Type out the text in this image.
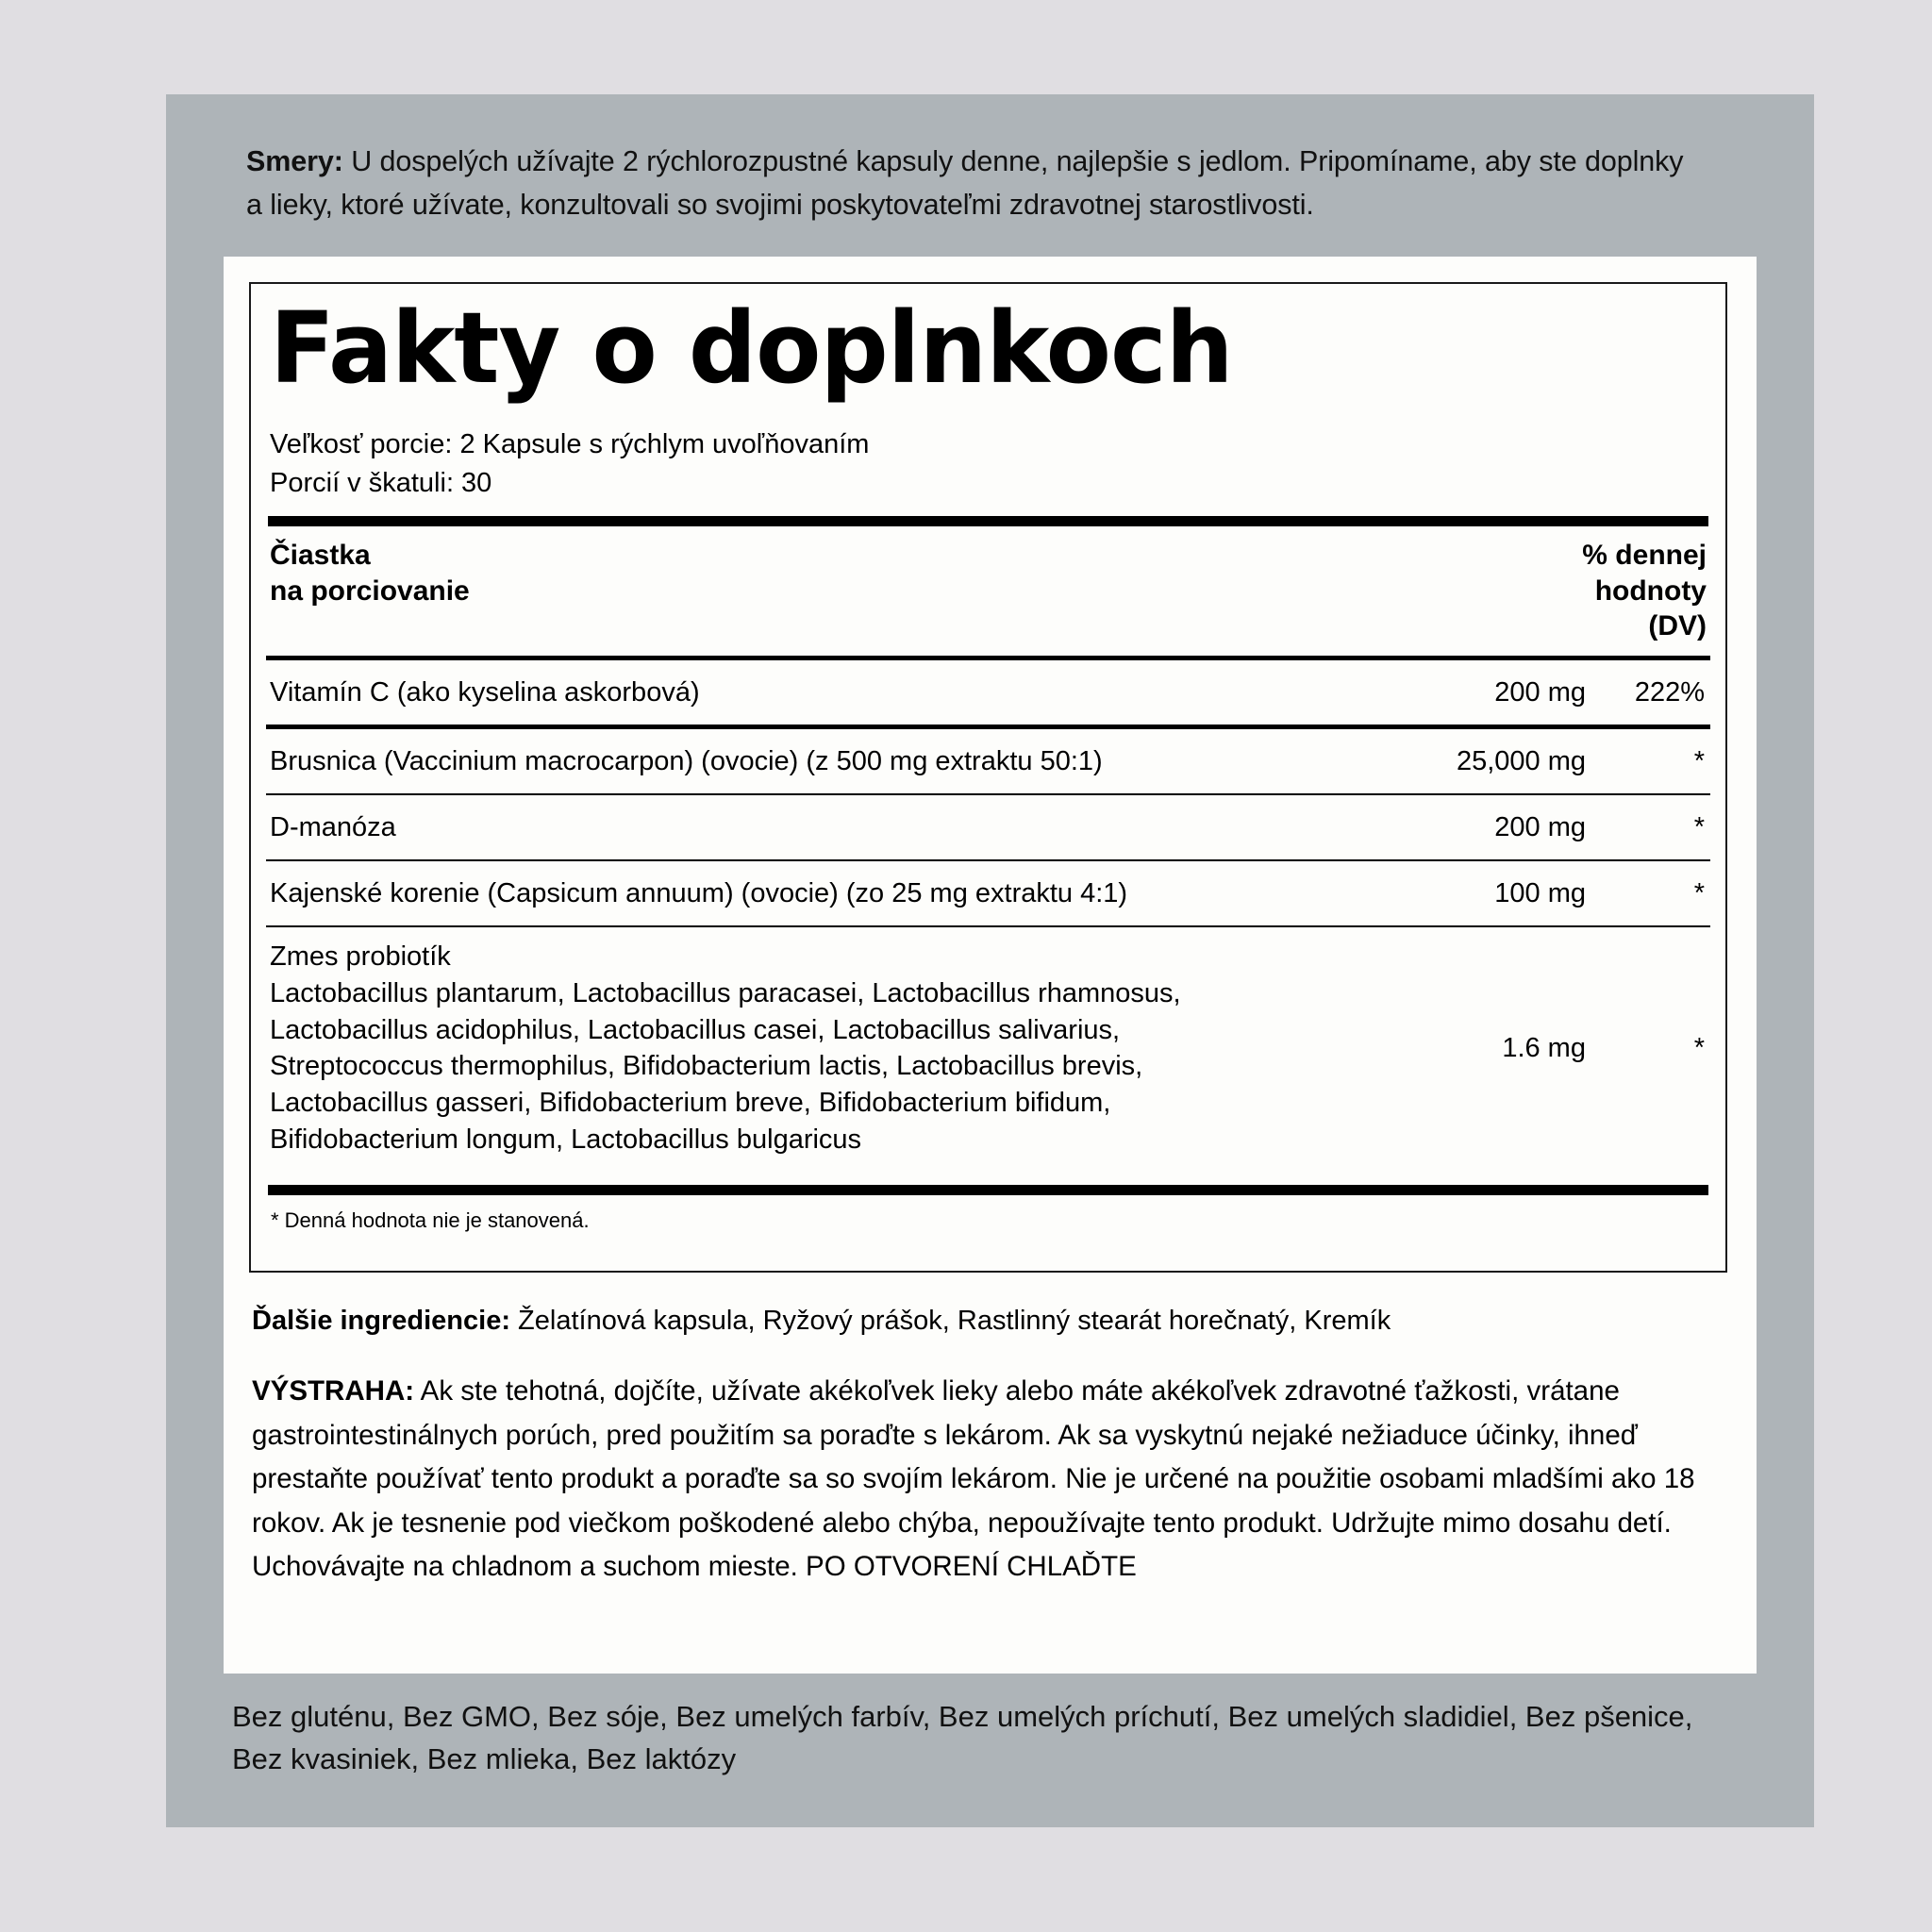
Smery: U dospelých užívajte 2 rýchlorozpustné kapsuly denne, najlepšie s jedlom. Pripomíname, aby ste doplnky a lieky, ktoré užívate, konzultovali so svojimi poskytovateľmi zdravotnej starostlivosti.
Fakty o doplnkoch
Veľkosť porcie: 2 Kapsule s rýchlym uvoľňovaním
Porcií v škatuli: 30
Čiastka
na porciovanie

% dennej
hodnoty
(DV)

Vitamín C (ako kyselina askorbová)	200 mg	222%
Brusnica (Vaccinium macrocarpon) (ovocie) (z 500 mg extraktu 50:1)	25,000 mg	*
D-manóza	200 mg	*
Kajenské korenie (Capsicum annuum) (ovocie) (zo 25 mg extraktu 4:1)	100 mg	*

Zmes probiotík
Lactobacillus plantarum, Lactobacillus paracasei, Lactobacillus rhamnosus,
Lactobacillus acidophilus, Lactobacillus casei, Lactobacillus salivarius,
Streptococcus thermophilus, Bifidobacterium lactis, Lactobacillus brevis,
Lactobacillus gasseri, Bifidobacterium breve, Bifidobacterium bifidum,
Bifidobacterium longum, Lactobacillus bulgaricus
	1.6 mg	*
* Denná hodnota nie je stanovená.
Ďalšie ingrediencie: Želatínová kapsula, Ryžový prášok, Rastlinný stearát horečnatý, Kremík
VÝSTRAHA: Ak ste tehotná, dojčíte, užívate akékoľvek lieky alebo máte akékoľvek zdravotné ťažkosti, vrátane gastrointestinálnych porúch, pred použitím sa poraďte s lekárom. Ak sa vyskytnú nejaké nežiaduce účinky, ihneď prestaňte používať tento produkt a poraďte sa so svojím lekárom. Nie je určené na použitie osobami mladšími ako 18 rokov. Ak je tesnenie pod viečkom poškodené alebo chýba, nepoužívajte tento produkt. Udržujte mimo dosahu detí. Uchovávajte na chladnom a suchom mieste. PO OTVORENÍ CHLAĎTE
Bez gluténu, Bez GMO, Bez sóje, Bez umelých farbív, Bez umelých príchutí, Bez umelých sladidiel, Bez pšenice, Bez kvasiniek, Bez mlieka, Bez laktózy
